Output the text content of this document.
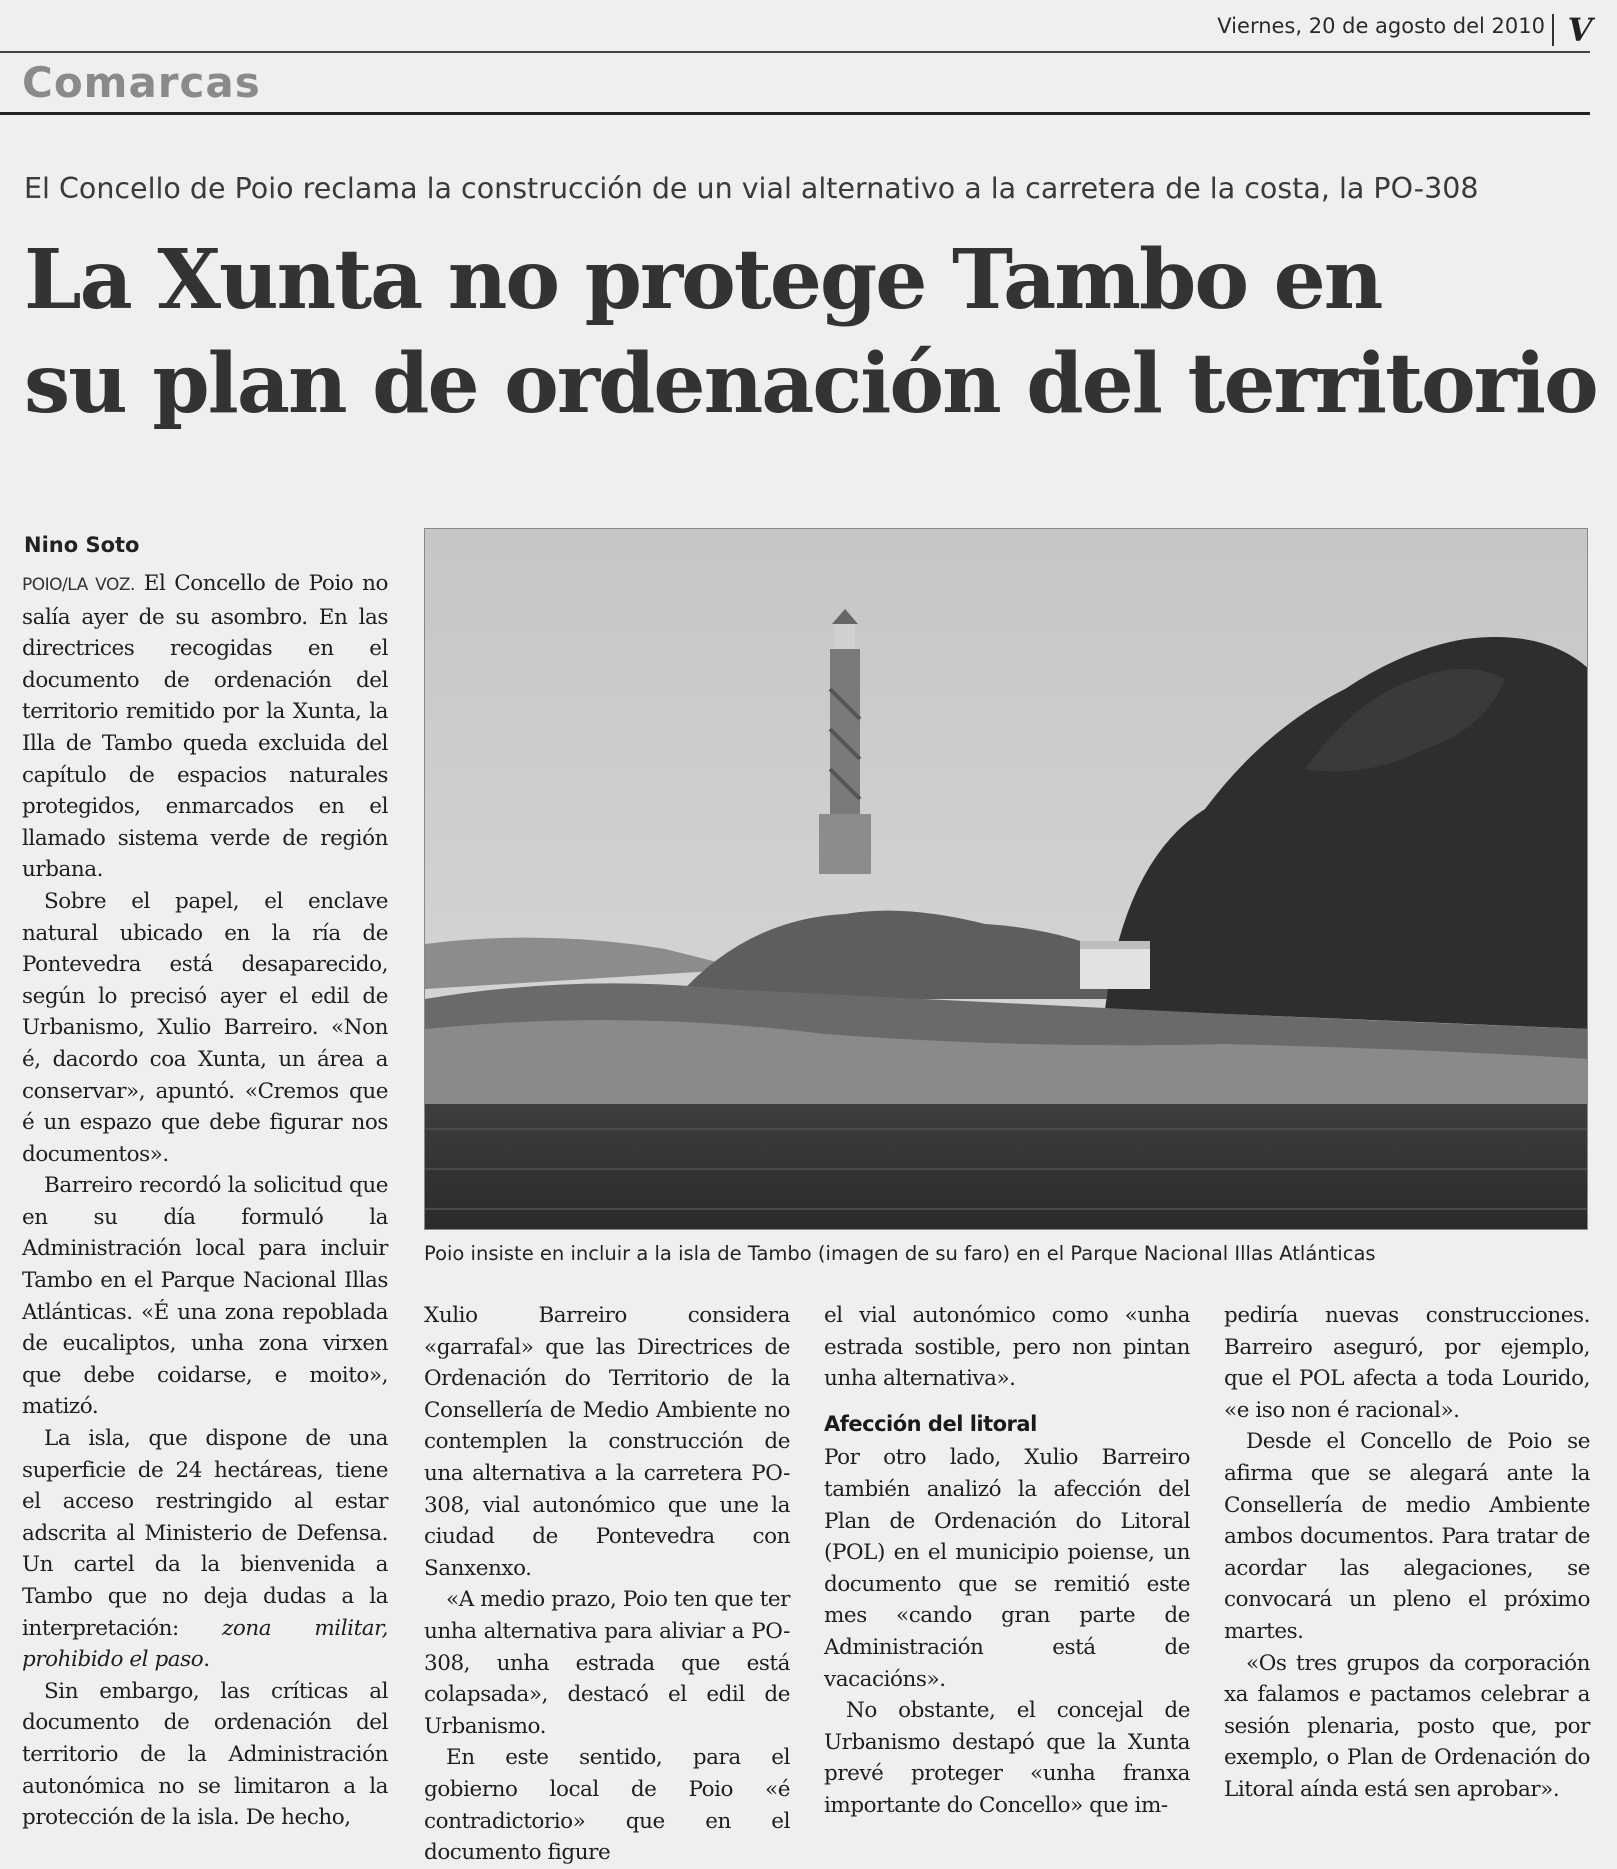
Viernes, 20 de agosto del 2010 V
Comarcas
El Concello de Poio reclama la construcción de un vial alternativo a la carretera de la costa, la PO-308
La Xunta no protege Tambo en
su plan de ordenación del territorio
Nino Soto

POIO/LA VOZ. El Concello de Poio no salía ayer de su asombro. En las directrices recogidas en el documento de ordenación del territorio remitido por la Xunta, la Illa de Tambo queda excluida del capítulo de espacios naturales protegidos, enmarcados en el llamado sistema verde de región urbana.

Sobre el papel, el enclave natural ubicado en la ría de Pontevedra está desaparecido, según lo precisó ayer el edil de Urbanismo, Xulio Barreiro. «Non é, dacordo coa Xunta, un área a conservar», apuntó. «Cremos que é un espazo que debe figurar nos documentos».

Barreiro recordó la solicitud que en su día formuló la Administración local para incluir Tambo en el Parque Nacional Illas Atlánticas. «É una zona repoblada de eucaliptos, unha zona virxen que debe coidarse, e moito», matizó.

La isla, que dispone de una superficie de 24 hectáreas, tiene el acceso restringido al estar adscrita al Ministerio de Defensa. Un cartel da la bienvenida a Tambo que no deja dudas a la interpretación: zona militar, prohibido el paso.

Sin embargo, las críticas al documento de ordenación del territorio de la Administración autonómica no se limitaron a la protección de la isla. De hecho,

Poio insiste en incluir a la isla de Tambo (imagen de su faro) en el Parque Nacional Illas Atlánticas

Xulio Barreiro considera «garrafal» que las Directrices de Ordenación do Territorio de la Consellería de Medio Ambiente no contemplen la construcción de una alternativa a la carretera PO-308, vial autonómico que une la ciudad de Pontevedra con Sanxenxo.

«A medio prazo, Poio ten que ter unha alternativa para aliviar a PO-308, unha estrada que está colapsada», destacó el edil de Urbanismo.

En este sentido, para el gobierno local de Poio «é contradictorio» que en el documento figure

el vial autonómico como «unha estrada sostible, pero non pintan unha alternativa».

Afección del litoral

Por otro lado, Xulio Barreiro también analizó la afección del Plan de Ordenación do Litoral (POL) en el municipio poiense, un documento que se remitió este mes «cando gran parte de Administración está de vacacións».

No obstante, el concejal de Urbanismo destapó que la Xunta prevé proteger «unha franxa importante do Concello» que im-

pediría nuevas construcciones. Barreiro aseguró, por ejemplo, que el POL afecta a toda Lourido, «e iso non é racional».

Desde el Concello de Poio se afirma que se alegará ante la Consellería de medio Ambiente ambos documentos. Para tratar de acordar las alegaciones, se convocará un pleno el próximo martes.

«Os tres grupos da corporación xa falamos e pactamos celebrar a sesión plenaria, posto que, por exemplo, o Plan de Ordenación do Litoral aínda está sen aprobar».
